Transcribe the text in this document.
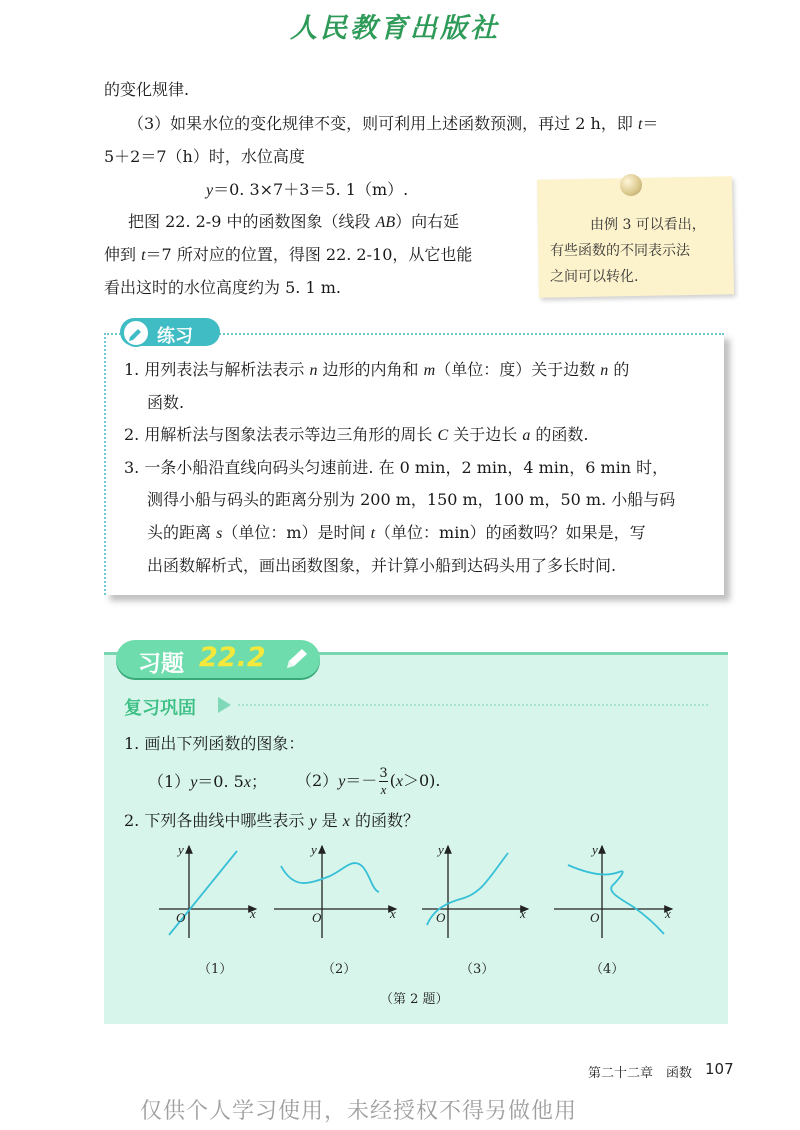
人民教育出版社
的变化规律.
（3）如果水位的变化规律不变，则可利用上述函数预测，再过 2 h，即 t＝
5＋2＝7（h）时，水位高度
y＝0. 3×7＋3＝5. 1（m）.
把图 22. 2-9 中的函数图象（线段 AB）向右延
伸到 t＝7 所对应的位置，得图 22. 2-10，从它也能
看出这时的水位高度约为 5. 1 m.
由例 3 可以看出，
有些函数的不同表示法
之间可以转化.
练习
1. 用列表法与解析法表示 n 边形的内角和 m（单位：度）关于边数 n 的
函数.
2. 用解析法与图象法表示等边三角形的周长 C 关于边长 a 的函数.
3. 一条小船沿直线向码头匀速前进. 在 0 min，2 min，4 min，6 min 时，
测得小船与码头的距离分别为 200 m，150 m，100 m，50 m. 小船与码
头的距离 s（单位：m）是时间 t（单位：min）的函数吗？如果是，写
出函数解析式，画出函数图象，并计算小船到达码头用了多长时间.
习题 22.2
复习巩固
1. 画出下列函数的图象：
（1）y＝0. 5x； $(2)y=- \frac{3}{x} (x>0)$.
2. 下列各曲线中哪些表示 y 是 x 的函数？
y
x
O
（1）
y
x
O
（2）
y
x
O
（3）
y
x
O
（4）
（第 2 题）
第二十二章　函数 107
仅供个人学习使用，未经授权不得另做他用
